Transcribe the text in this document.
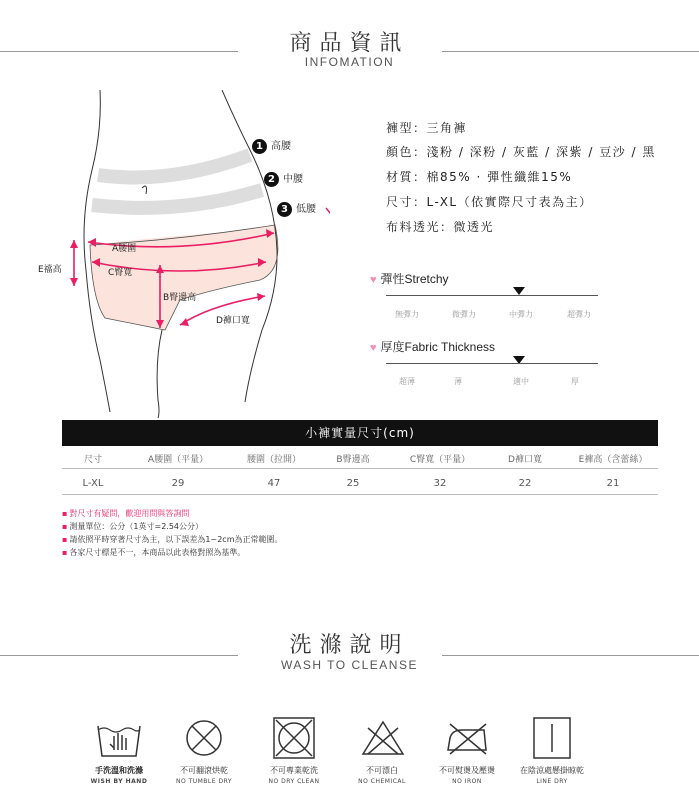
商品資訊
INFOMATION
A腰圍
C臀寬
E襠高
B臀邊高
D褲口寬
1 高腰
2 中腰
3 低腰
褲型：三角褲
顏色：淺粉 / 深粉 / 灰藍 / 深紫 / 豆沙 / 黑
材質：棉85% · 彈性纖維15%
尺寸：L-XL（依實際尺寸表為主）
布料透光：微透光
♥ 彈性Stretchy
無彈力	微彈力	中彈力	超彈力
♥ 厚度Fabric Thickness
超薄	薄	適中	厚
小褲實量尺寸(cm)
尺寸	A腰圍（平量）	腰圍（拉開）	B臀邊高	C臀寬（平量）	D褲口寬	E褲高（含蕾絲）
L-XL	29	47	25	32	22	21
▪ 對尺寸有疑問，歡迎用問與答詢問
▪ 測量單位：公分（1英寸=2.54公分）
▪ 請依照平時穿著尺寸為主，以下誤差為1~2cm為正常範圍。
▪ 各家尺寸標是不一，本商品以此表格對照為基準。
洗滌說明
WASH TO CLEANSE
手洗溫和洗滌
WISH BY HAND
不可翻滾烘乾
NO TUMBLE DRY
不可專業乾洗
NO DRY CLEAN
不可漂白
NO CHEMICAL
不可熨燙及壓燙
NO IRON
在陰涼處懸掛晾乾
LINE DRY
